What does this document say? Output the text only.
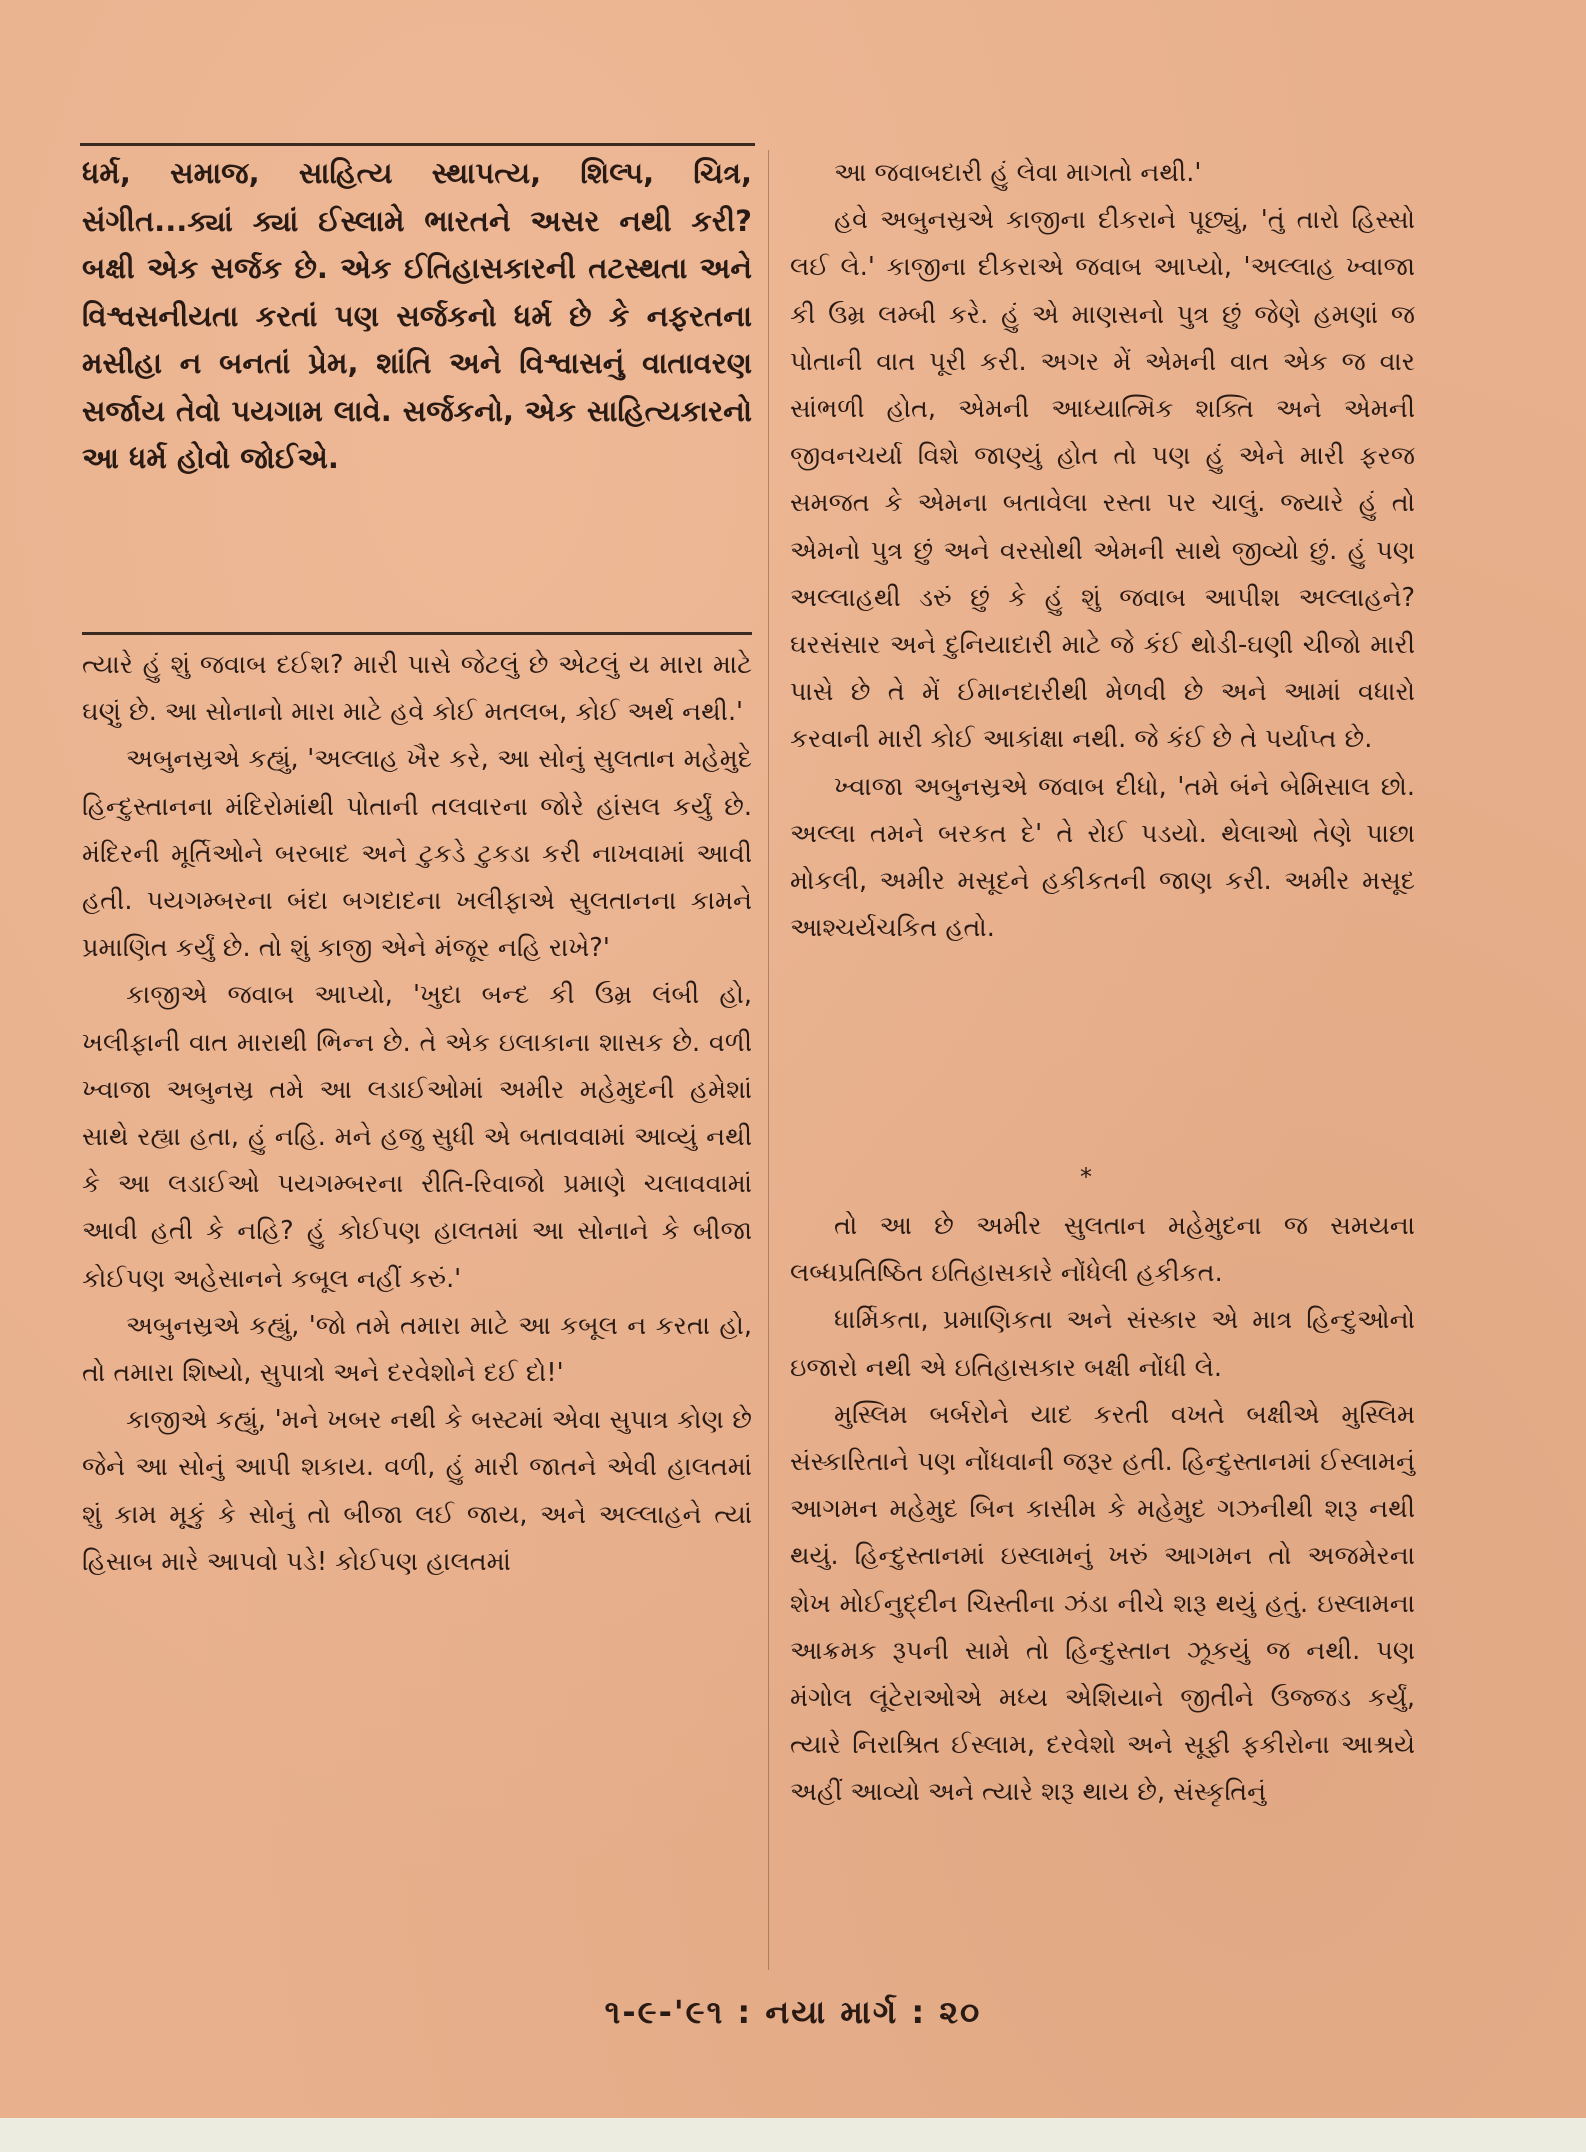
ધર્મ, સમાજ, સાહિત્ય સ્થાપત્ય, શિલ્પ, ચિત્ર, સંગીત...ક્યાં ક્યાં ઈસ્લામે ભારતને અસર નથી કરી? બક્ષી એક સર્જક છે. એક ઈતિહાસકારની તટસ્થતા અને વિશ્વસનીયતા કરતાં પણ સર્જકનો ધર્મ છે કે નફરતના મસીહા ન બનતાં પ્રેમ, શાંતિ અને વિશ્વાસનું વાતાવરણ સર્જાય તેવો પયગામ લાવે. સર્જકનો, એક સાહિત્યકારનો આ ધર્મ હોવો જોઈએ.

ત્યારે હું શું જવાબ દઈશ? મારી પાસે જેટલું છે એટલું ય મારા માટે ઘણું છે. આ સોનાનો મારા માટે હવે કોઈ મતલબ, કોઈ અર્થ નથી.'

અબુનસ્રએ કહ્યું, 'અલ્લાહ ખૈર કરે, આ સોનું સુલતાન મહેમુદે હિન્દુસ્તાનના મંદિરોમાંથી પોતાની તલવારના જોરે હાંસલ કર્યું છે. મંદિરની મૂર્તિઓને બરબાદ અને ટુકડે ટુકડા કરી નાખવામાં આવી હતી. પયગમ્બરના બંદા બગદાદના ખલીફાએ સુલતાનના કામને પ્રમાણિત કર્યું છે. તો શું કાજી એને મંજૂર નહિ રાખે?'

કાજીએ જવાબ આપ્યો, 'ખુદા બન્દ કી ઉમ્ર લંબી હો, ખલીફાની વાત મારાથી ભિન્ન છે. તે એક ઇલાકાના શાસક છે. વળી ખ્વાજા અબુનસ્ર તમે આ લડાઈઓમાં અમીર મહેમુદની હમેશાં સાથે રહ્યા હતા, હું નહિ. મને હજુ સુધી એ બતાવવામાં આવ્યું નથી કે આ લડાઈઓ પયગમ્બરના રીતિ-રિવાજો પ્રમાણે ચલાવવામાં આવી હતી કે નહિ? હું કોઈપણ હાલતમાં આ સોનાને કે બીજા કોઈપણ અહેસાનને કબૂલ નહીં કરું.'

અબુનસ્રએ કહ્યું, 'જો તમે તમારા માટે આ કબૂલ ન કરતા હો, તો તમારા શિષ્યો, સુપાત્રો અને દરવેશોને દઈ દો!'

કાજીએ કહ્યું, 'મને ખબર નથી કે બસ્ટમાં એવા સુપાત્ર કોણ છે જેને આ સોનું આપી શકાય. વળી, હું મારી જાતને એવી હાલતમાં શું કામ મૂકું કે સોનું તો બીજા લઈ જાય, અને અલ્લાહને ત્યાં હિસાબ મારે આપવો પડે! કોઈપણ હાલતમાં

આ જવાબદારી હું લેવા માગતો નથી.'

હવે અબુનસ્રએ કાજીના દીકરાને પૂછ્યું, 'તું તારો હિસ્સો લઈ લે.' કાજીના દીકરાએ જવાબ આપ્યો, 'અલ્લાહ ખ્વાજા કી ઉમ્ર લમ્બી કરે. હું એ માણસનો પુત્ર છું જેણે હમણાં જ પોતાની વાત પૂરી કરી. અગર મેં એમની વાત એક જ વાર સાંભળી હોત, એમની આધ્યાત્મિક શક્તિ અને એમની જીવનચર્યા વિશે જાણ્યું હોત તો પણ હું એને મારી ફરજ સમજત કે એમના બતાવેલા રસ્તા પર ચાલું. જ્યારે હું તો એમનો પુત્ર છું અને વરસોથી એમની સાથે જીવ્યો છું. હું પણ અલ્લાહથી ડરું છું કે હું શું જવાબ આપીશ અલ્લાહને? ઘરસંસાર અને દુનિયાદારી માટે જે કંઈ થોડી-ઘણી ચીજો મારી પાસે છે તે મેં ઈમાનદારીથી મેળવી છે અને આમાં વધારો કરવાની મારી કોઈ આકાંક્ષા નથી. જે કંઈ છે તે પર્યાપ્ત છે.

ખ્વાજા અબુનસ્રએ જવાબ દીધો, 'તમે બંને બેમિસાલ છો. અલ્લા તમને બરકત દે' તે રોઈ પડયો. થેલાઓ તેણે પાછા મોકલી, અમીર મસૂદને હકીકતની જાણ કરી. અમીર મસૂદ આશ્ચર્યચકિત હતો.

*

તો આ છે અમીર સુલતાન મહેમુદના જ સમયના લબ્ધપ્રતિષ્ઠિત ઇતિહાસકારે નોંધેલી હકીકત.

ધાર્મિકતા, પ્રમાણિકતા અને સંસ્કાર એ માત્ર હિન્દુઓનો ઇજારો નથી એ ઇતિહાસકાર બક્ષી નોંધી લે.

મુસ્લિમ બર્બરોને યાદ કરતી વખતે બક્ષીએ મુસ્લિમ સંસ્કારિતાને પણ નોંધવાની જરૂર હતી. હિન્દુસ્તાનમાં ઈસ્લામનું આગમન મહેમુદ બિન કાસીમ કે મહેમુદ ગઝનીથી શરૂ નથી થયું. હિન્દુસ્તાનમાં ઇસ્લામનું ખરું આગમન તો અજમેરના શેખ મોઈનુદ્દીન ચિસ્તીના ઝંડા નીચે શરૂ થયું હતું. ઇસ્લામના આક્રમક રૂપની સામે તો હિન્દુસ્તાન ઝૂકયું જ નથી. પણ મંગોલ લૂંટેરાઓએ મધ્ય એશિયાને જીતીને ઉજ્જડ કર્યું, ત્યારે નિરાશ્રિત ઈસ્લામ, દરવેશો અને સૂફી ફકીરોના આશ્રયે અહીં આવ્યો અને ત્યારે શરૂ થાય છે, સંસ્કૃતિનું

૧-૯-'૯૧ : નયા માર્ગ : ૨૦
